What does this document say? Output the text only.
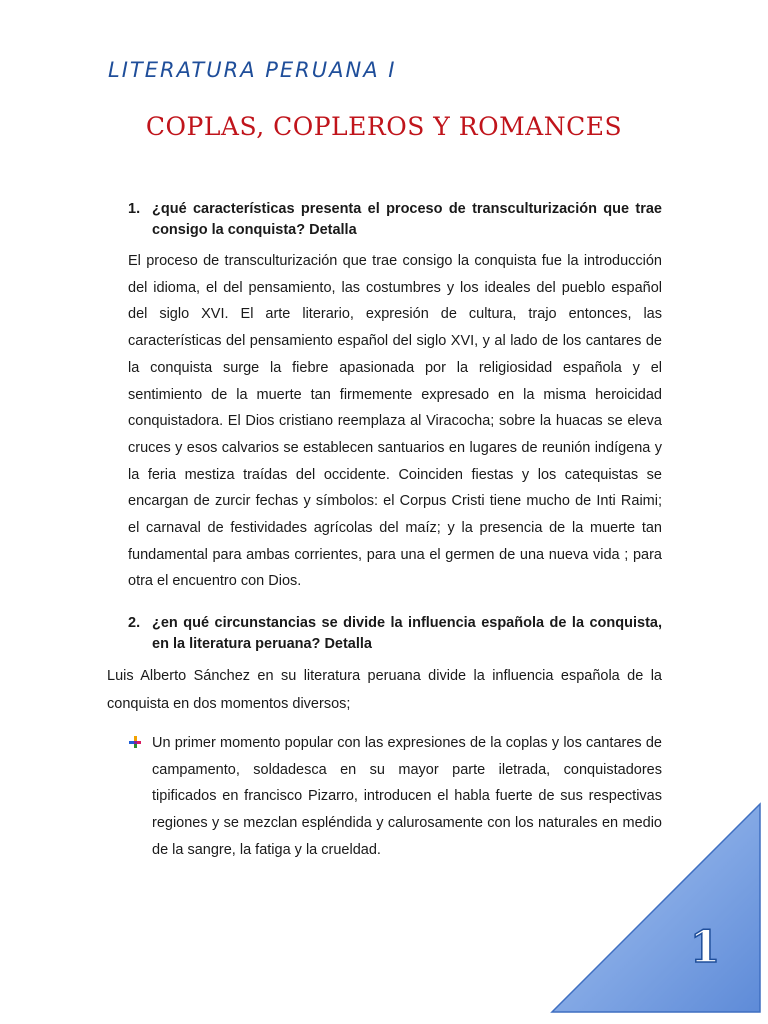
LITERATURA PERUANA I
COPLAS, COPLEROS Y ROMANCES
1. ¿qué características presenta el proceso de transculturización que trae consigo la conquista? Detalla

El proceso de transculturización que trae consigo la conquista fue la introducción del idioma, el del pensamiento, las costumbres y los ideales del pueblo español del siglo XVI. El arte literario, expresión de cultura, trajo entonces, las características del pensamiento español del siglo XVI, y al lado de los cantares de la conquista surge la fiebre apasionada por la religiosidad española y el sentimiento de la muerte tan firmemente expresado en la misma heroicidad conquistadora. El Dios cristiano reemplaza al Viracocha; sobre la huacas se eleva cruces y esos calvarios se establecen santuarios en lugares de reunión indígena y la feria mestiza traídas del occidente. Coinciden fiestas y los catequistas se encargan de zurcir fechas y símbolos: el Corpus Cristi tiene mucho de Inti Raimi; el carnaval de festividades agrícolas del maíz; y la presencia de la muerte tan fundamental para ambas corrientes, para una el germen de una nueva vida ; para otra el encuentro con Dios.

2. ¿en qué circunstancias se divide la influencia española de la conquista, en la literatura peruana? Detalla

Luis Alberto Sánchez en su literatura peruana divide la influencia española de la conquista en dos momentos diversos;

Un primer momento popular con las expresiones de la coplas y los cantares de campamento, soldadesca en su mayor parte iletrada, conquistadores tipificados en francisco Pizarro, introducen el habla fuerte de sus respectivas regiones y se mezclan espléndida y calurosamente con los naturales en medio de la sangre, la fatiga y la crueldad.

1
